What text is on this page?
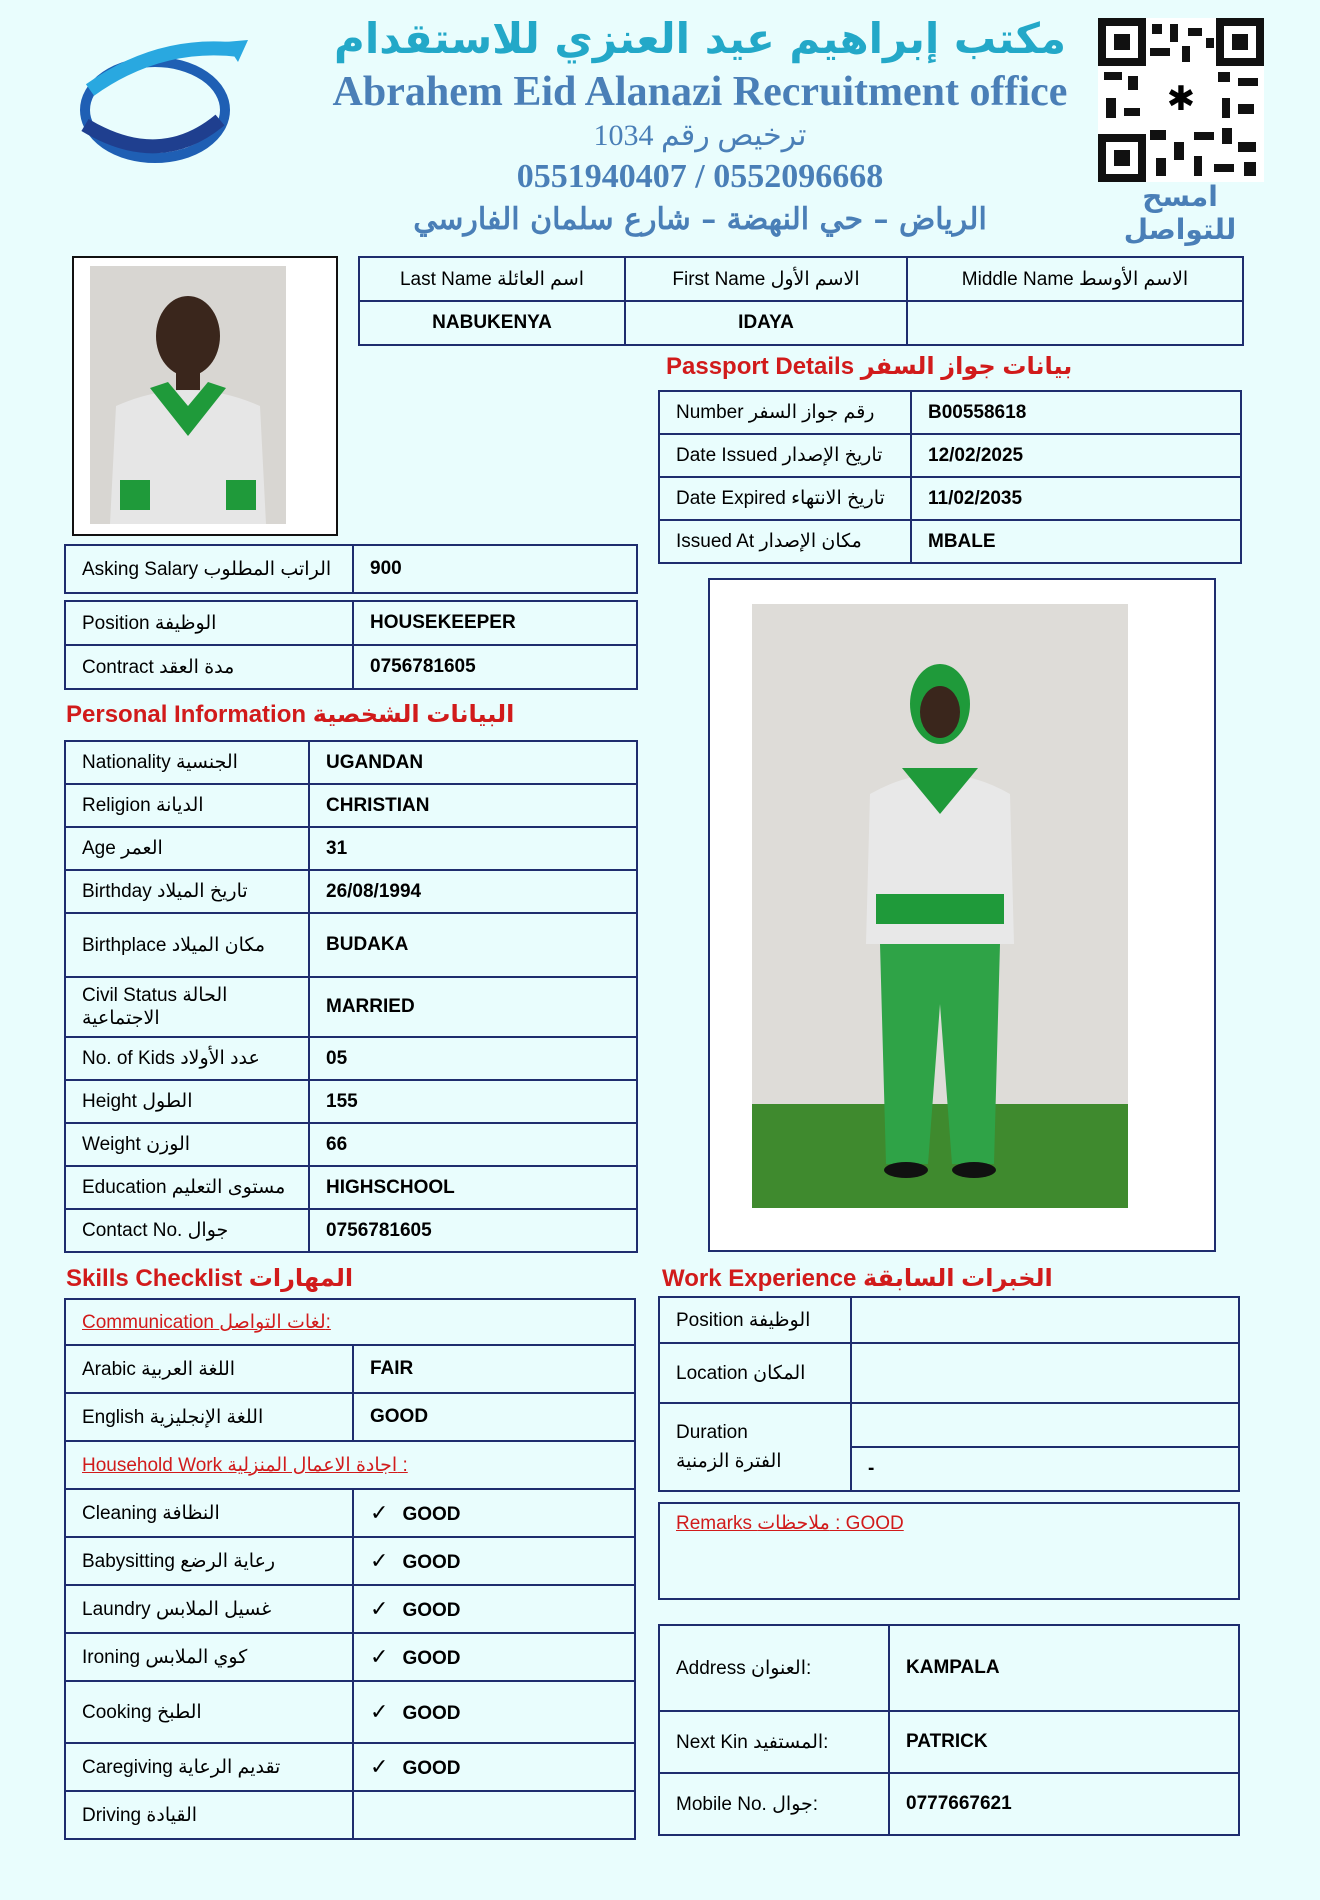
مكتب إبراهيم عيد العنزي للاستقدام
Abrahem Eid Alanazi Recruitment office
ترخيص رقم 1034
0551940407 / 0552096668
الرياض – حي النهضة – شارع سلمان الفارسي
✱
امسح للتواصل
Last Name اسم العائلة	First Name الاسم الأول	Middle Name الاسم الأوسط
NABUKENYA	IDAYA	
Passport Details بيانات جواز السفر
Number رقم جواز السفر	B00558618
Date Issued تاريخ الإصدار	12/02/2025
Date Expired تاريخ الانتهاء	11/02/2035
Issued At مكان الإصدار	MBALE
Asking Salary الراتب المطلوب	900
Position الوظيفة	HOUSEKEEPER
Contract مدة العقد	0756781605
Personal Information البيانات الشخصية
Nationality الجنسية	UGANDAN
Religion الديانة	CHRISTIAN
Age العمر	31
Birthday تاريخ الميلاد	26/08/1994
Birthplace مكان الميلاد	BUDAKA
Civil Status الحالة الاجتماعية	MARRIED
No. of Kids عدد الأولاد	05
Height الطول	155
Weight الوزن	66
Education مستوى التعليم	HIGHSCHOOL
Contact No. جوال	0756781605
Skills Checklist المهارات
Communication لغات التواصل:	
Arabic اللغة العربية	FAIR
English اللغة الإنجليزية	GOOD
Household Work اجادة الاعمال المنزلية :	
Cleaning النظافة	✓ GOOD
Babysitting رعاية الرضع	✓ GOOD
Laundry غسيل الملابس	✓ GOOD
Ironing كوي الملابس	✓ GOOD
Cooking الطبخ	✓ GOOD
Caregiving تقديم الرعاية	✓ GOOD
Driving القيادة	
Work Experience الخبرات السابقة
Position الوظيفة	
Location المكان	

Duration
الفترة الزمنية	

	-
Remarks ملاحظات : GOOD
Address العنوان:	KAMPALA
Next Kin المستفيد:	PATRICK
Mobile No. جوال:	0777667621
